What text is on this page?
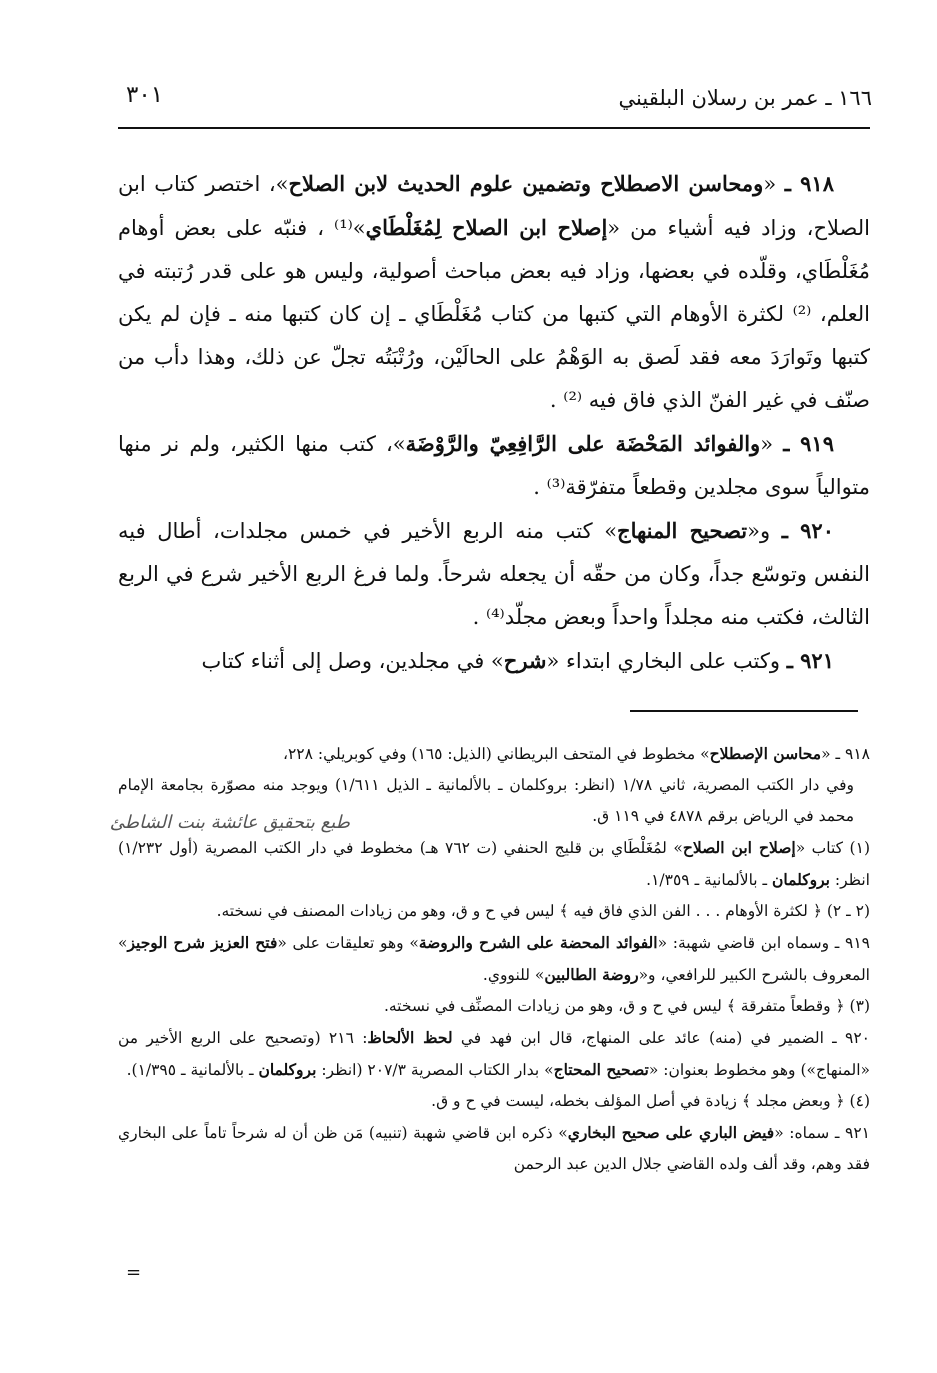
١٦٦ ـ عمر بن رسلان البلقيني
٣٠١

٩١٨ ـ «ومحاسن الاصطلاح وتضمين علوم الحديث لابن الصلاح»، اختصر كتاب ابن الصلاح، وزاد فيه أشياء من «إصلاح ابن الصلاح لِمُغَلْطَاي»⁽¹⁾ ، فنبّه على بعض أوهام مُغَلْطَاي، وقلّده في بعضها، وزاد فيه بعض مباحث أصولية، وليس هو على قدر رُتبته في العلم، ⁽²⁾ لكثرة الأوهام التي كتبها من كتاب مُغَلْطَاي ـ إن كان كتبها منه ـ فإن لم يكن كتبها وتَوارَدَ معه فقد لَصق به الوَهْمُ على الحالَيْن، ورُتْبَتُه تجلّ عن ذلك، وهذا دأب من صنّف في غير الفنّ الذي فاق فيه ⁽²⁾ .

٩١٩ ـ «والفوائد المَحْضَة على الرَّافِعِيّ والرَّوْضَة»، كتب منها الكثير، ولم نر منها متوالياً سوى مجلدين وقطعاً متفرّقة⁽³⁾ .

٩٢٠ ـ و«تصحيح المنهاج» كتب منه الربع الأخير في خمس مجلدات، أطال فيه النفس وتوسّع جداً، وكان من حقّه أن يجعله شرحاً. ولما فرغ الربع الأخير شرع في الربع الثالث، فكتب منه مجلداً واحداً وبعض مجلّد⁽⁴⁾ .

٩٢١ ـ وكتب على البخاري ابتداء «شرح» في مجلدين، وصل إلى أثناء كتاب

طبع بتحقيق عائشة بنت الشاطئ

٩١٨ ـ «محاسن الإصطلاح» مخطوط في المتحف البريطاني (الذيل: ١٦٥) وفي كوبريلي: ٢٢٨،

وفي دار الكتب المصرية، ثاني ١/٧٨ (انظر: بروكلمان ـ بالألمانية ـ الذيل ١/٦١١) ويوجد منه مصوّرة بجامعة الإمام محمد في الرياض برقم ٤٨٧٨ في ١١٩ ق.

(١) كتاب «إصلاح ابن الصلاح» لمُغَلْطَاي بن قليج الحنفي (ت ٧٦٢ هـ) مخطوط في دار الكتب المصرية (أول ١/٢٣٢) انظر: بروكلمان ـ بالألمانية ـ ١/٣٥٩.

(٢ ـ ٢) ﴿ لكثرة الأوهام . . . الفن الذي فاق فيه ﴾ ليس في ح و ق، وهو من زيادات المصنف في نسخته.

٩١٩ ـ وسماه ابن قاضي شهبة: «الفوائد المحضة على الشرح والروضة» وهو تعليقات على «فتح العزيز شرح الوجيز» المعروف بالشرح الكبير للرافعي، و«روضة الطالبين» للنووي.

(٣) ﴿ وقطعاً متفرقة ﴾ ليس في ح و ق، وهو من زيادات المصنِّف في نسخته.

٩٢٠ ـ الضمير في (منه) عائد على المنهاج، قال ابن فهد في لحظ الألحاظ: ٢١٦ (وتصحيح على الربع الأخير من «المنهاج») وهو مخطوط بعنوان: «تصحيح المحتاج» بدار الكتاب المصرية ٢٠٧/٣ (انظر: بروكلمان ـ بالألمانية ـ ١/٣٩٥).

(٤) ﴿ وبعض مجلد ﴾ زيادة في أصل المؤلف بخطه، ليست في ح و ق.

٩٢١ ـ سماه: «فيض الباري على صحيح البخاري» ذكره ابن قاضي شهبة (تنبيه) مَن ظن أن له شرحاً تاماً على البخاري فقد وهم، وقد ألف ولده القاضي جلال الدين عبد الرحمن

=
